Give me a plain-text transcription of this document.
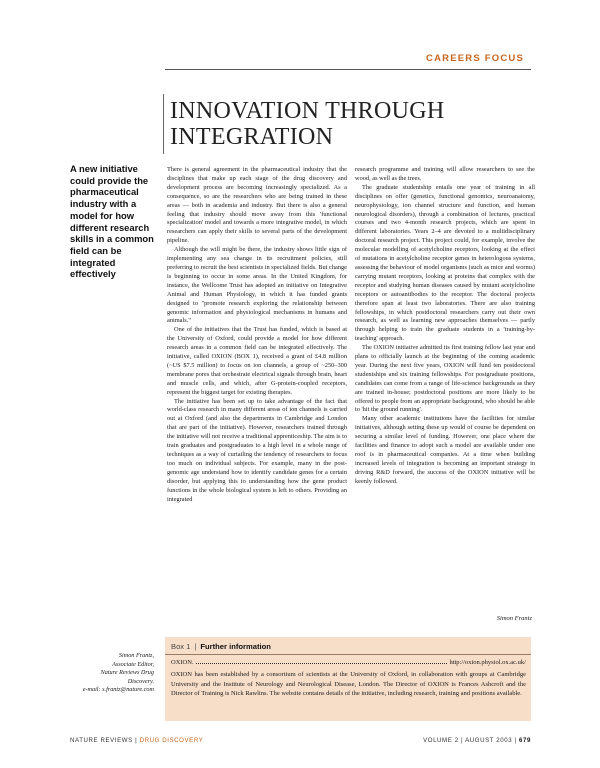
CAREERS FOCUS
INNOVATION THROUGH
INTEGRATION
A new initiative could provide the pharmaceutical industry with a model for how different research skills in a common field can be integrated effectively

There is general agreement in the pharmaceutical industry that the disciplines that make up each stage of the drug discovery and development process are becoming increasingly specialized. As a consequence, so are the researchers who are being trained in these areas — both in academia and industry. But there is also a general feeling that industry should move away from this 'functional specialization' model and towards a more integrative model, in which researchers can apply their skills to several parts of the development pipeline.

Although the will might be there, the industry shows little sign of implementing any sea change in its recruitment policies, still preferring to recruit the best scientists in specialized fields. But change is beginning to occur in some areas. In the United Kingdom, for instance, the Wellcome Trust has adopted an initiative on Integrative Animal and Human Physiology, in which it has funded grants designed to "promote research exploring the relationship between genomic information and physiological mechanisms in humans and animals."

One of the initiatives that the Trust has funded, which is based at the University of Oxford, could provide a model for how different research areas in a common field can be integrated effectively. The initiative, called OXION (BOX 1), received a grant of £4.8 million (~US $7.5 million) to focus on ion channels, a group of ~250–300 membrane pores that orchestrate electrical signals through brain, heart and muscle cells, and which, after G-protein-coupled receptors, represent the biggest target for existing therapies.

The initiative has been set up to take advantage of the fact that world-class research in many different areas of ion channels is carried out at Oxford (and also the departments in Cambridge and London that are part of the initiative). However, researchers trained through the initiative will not receive a traditional apprenticeship. The aim is to train graduates and postgraduates to a high level in a whole range of techniques as a way of curtailing the tendency of researchers to focus too much on individual subjects. For example, many in the post-genomic age understand how to identify candidate genes for a certain disorder, but applying this to understanding how the gene product functions in the whole biological system is left to others. Providing an integrated

research programme and training will allow researchers to see the wood, as well as the trees.

The graduate studentship entails one year of training in all disciplines on offer (genetics, functional genomics, neuroanatomy, neurophysiology, ion channel structure and function, and human neurological disorders), through a combination of lectures, practical courses and two 4-month research projects, which are spent in different laboratories. Years 2–4 are devoted to a multidisciplinary doctoral research project. This project could, for example, involve the molecular modelling of acetylcholine receptors, looking at the effect of mutations in acetylcholine receptor genes in heterologous systems, assessing the behaviour of model organisms (such as mice and worms) carrying mutant receptors, looking at proteins that complex with the receptor and studying human diseases caused by mutant acetylcholine receptors or autoantibodies to the receptor. The doctoral projects therefore span at least two laboratories. There are also training fellowships, in which postdoctoral researchers carry out their own research, as well as learning new approaches themselves — partly through helping to train the graduate students in a 'training-by-teaching' approach.

The OXION initiative admitted its first training fellow last year and plans to officially launch at the beginning of the coming academic year. During the next five years, OXION will fund ten postdoctoral studentships and six training fellowships. For postgraduate positions, candidates can come from a range of life-science backgrounds as they are trained in-house; postdoctoral positions are more likely to be offered to people from an appropriate background, who should be able to 'hit the ground running'.

Many other academic institutions have the facilities for similar initiatives, although setting these up would of course be dependent on securing a similar level of funding. However, one place where the facilities and finance to adopt such a model are available under one roof is in pharmaceutical companies. At a time when building increased levels of integration is becoming an important strategy in driving R&D forward, the success of the OXION initiative will be keenly followed.

Simon Frantz
Box 1 | Further information
OXION.	http://oxion.physiol.ox.ac.uk/
OXION has been established by a consortium of scientists at the University of Oxford, in collaboration with groups at Cambridge University and the Institute of Neurology and Neurological Disease, London. The Director of OXION is Frances Ashcroft and the Director of Training is Nick Rawlins. The website contains details of the initiative, including research, training and positions available.
Simon Frantz,
Associate Editor,
Nature Reviews Drug
Discovery.
e-mail: s.frantz@nature.com
NATURE REVIEWS | DRUG DISCOVERY	VOLUME 2 | AUGUST 2003 | 679
